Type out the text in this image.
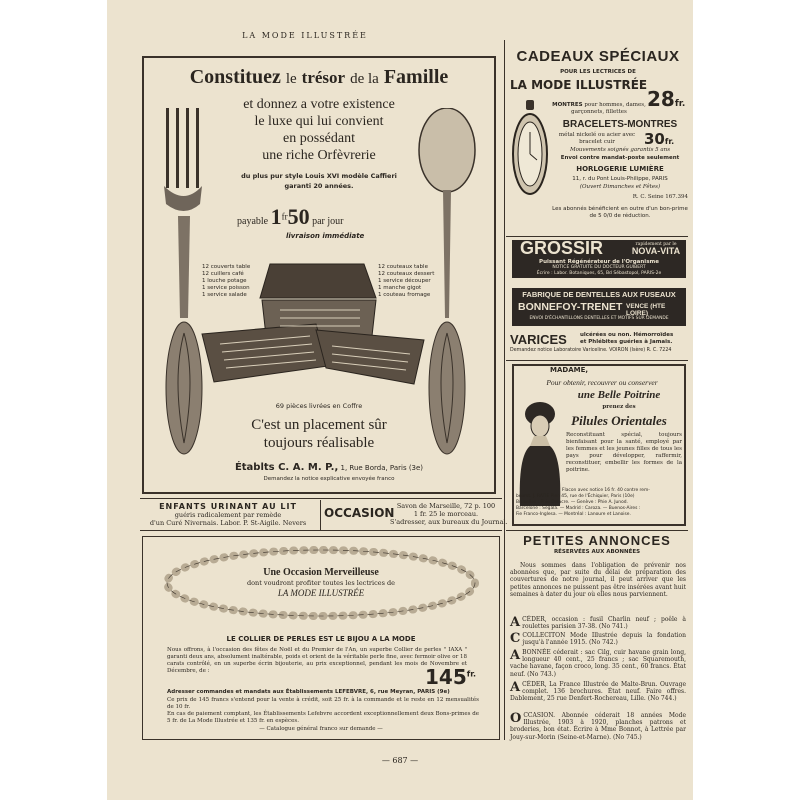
LA MODE ILLUSTRÉE
Constituez le trésor de la Famille
et donnez a votre existence
le luxe qui lui convient
en possédant
une riche Orfèvrerie
du plus pur style Louis XVI modèle Caffieri
garanti 20 années.
payable $1^{fr}50$ par jour
livraison immédiate
12 couverts table
12 cuillers café
1 louche potage
1 service poisson
1 service salade
12 couteaux table
12 couteaux dessert
1 service découper
1 manche gigot
1 couteau fromage
69 pièces livrées en Coffre
C'est un placement sûr
toujours réalisable
Établts C. A. M. P., 1, Rue Borda, Paris (3e)
Demandez la notice explicative envoyée franco
ENFANTS URINANT AU LIT
guéris radicalement par remède
d'un Curé Nivernais. Labor. P. St-Aigile. Nevers
OCCASION Savon de Marseille, 72 p. 100
1 fr. 25 le morceau.
S'adresser, aux bureaux du Journal.
Une Occasion Merveilleuse
dont voudront profiter toutes les lectrices de
LA MODE ILLUSTRÉE
LE COLLIER DE PERLES EST LE BIJOU A LA MODE
Nous offrons, à l'occasion des fêtes de Noël et du Premier de l'An, un superbe Collier de perles " IAXA " garanti deux ans, absolument inaltérable, poids et orient de la véritable perle fine, avec fermoir olive or 18 carats contrôlé, en un superbe écrin bijouterie, au prix exceptionnel, pendant les mois de Novembre et Décembre, de :	$145^{fr.}$
Adresser commandes et mandats aux Établissements LEFEBVRE, 6, rue Meyran, PARIS (9e)
Ce prix de 145 francs s'entend pour la vente à crédit, soit 25 fr. à la commande et le reste en 12 mensualités de 10 fr.
En cas de paiement comptant, les Établissements Lefebvre accordent exceptionnellement deux Bons-primes de 5 fr. de La Mode Illustrée et 135 fr. en espèces.
— Catalogue général franco sur demande —
CADEAUX SPÉCIAUX
POUR LES LECTRICES DE
LA MODE ILLUSTRÉE
28fr.
MONTRES pour hommes, dames, garçonnets, fillettes
BRACELETS-MONTRES
métal nickelé ou acier avec bracelet cuir	30fr.
Mouvements soignés garantis 5 ans
Envoi contre mandat-poste seulement
HORLOGERIE LUMIÈRE
11, r. du Pont Louis-Philippe, PARIS
(Ouvert Dimanches et Fêtes)
R. C. Seine 167.394
Les abonnés bénéficient en outre d'un bon-prime de 5 0/0 de réduction.
GROSSIR	rapidement par le
NOVA-VITA
Puissant Régénérateur de l'Organisme
NOTICE GRATUITE DU DOCTEUR GUIBERT
Écrire : Labor. Botaniques, 65, Bd Sébastopol, PARIS-2e
FABRIQUE DE DENTELLES AUX FUSEAUX
BONNEFOY-TRENET VENCE (HTE LOIRE)
ENVOI D'ÉCHANTILLONS DENTELLES ET MOTIFS SUR DEMANDE
VARICES ulcérées ou non. Hémorroïdes
et Phlébites guéries à Jamais.
Demandez notice Laboratoire Variceline. VOIRON (Isère) R. C. 7224
MADAME,
Pour obtenir, recouvrer ou conserver
une Belle Poitrine
prenez des
Pilules Orientales
Reconstituant spécial, toujours bienfaisant pour la santé, employé par les femmes et les jeunes filles de tous les pays pour développer, raffermir, reconstituer, embellir les formes de la poitrine.
Flacon avec notice 16 fr. 40 contre rem-
bourst. J. RATIÉ Pien 45, rue de l'Échiquier, Paris (10e)
Bruxelles : Phie Delacre. — Genève : Phie A. Junod.
Barcelone : Segala. — Madrid : Caroza. — Buenos-Aires :
Fie Franco-Inglesa. — Montréal : Lanoure et Lanoise.
PETITES ANNONCES
RÉSERVÉES AUX ABONNÉES
Nous sommes dans l'obligation de prévenir nos abonnées que, par suite du délai de préparation des couvertures de notre journal, il peut arriver que les petites annonces ne puissent pas être insérées avant huit semaines à dater du jour où elles nous parviennent.
ACÉDER, occasion : fusil Charlin neuf ; poêle à roulettes parisien 37-38. (No 741.)
CCOLLECITON Mode Illustrée depuis la fondation jusqu'à l'année 1915. (No 742.)
ABONNÉE céderait : sac Cilg, cuir havane grain long, longueur 40 cent., 25 francs ; sac Squaremouth, vache havane, façon croco, long. 35 cent., 60 francs. État neuf. (No 743.)
ACÉDER, La France Illustrée de Malte-Brun. Ouvrage complet. 136 brochures. État neuf. Faire offres. Dablement, 25 rue Denfert-Rochereau, Lille. (No 744.)
OCCASION. Abonnée céderait 18 années Mode Illustrée, 1903 à 1920, planches patrons et broderies, bon état. Écrire à Mme Bonnot, à Lettrée par Jouy-sur-Morin (Seine-et-Marne). (No 745.)
— 687 —
